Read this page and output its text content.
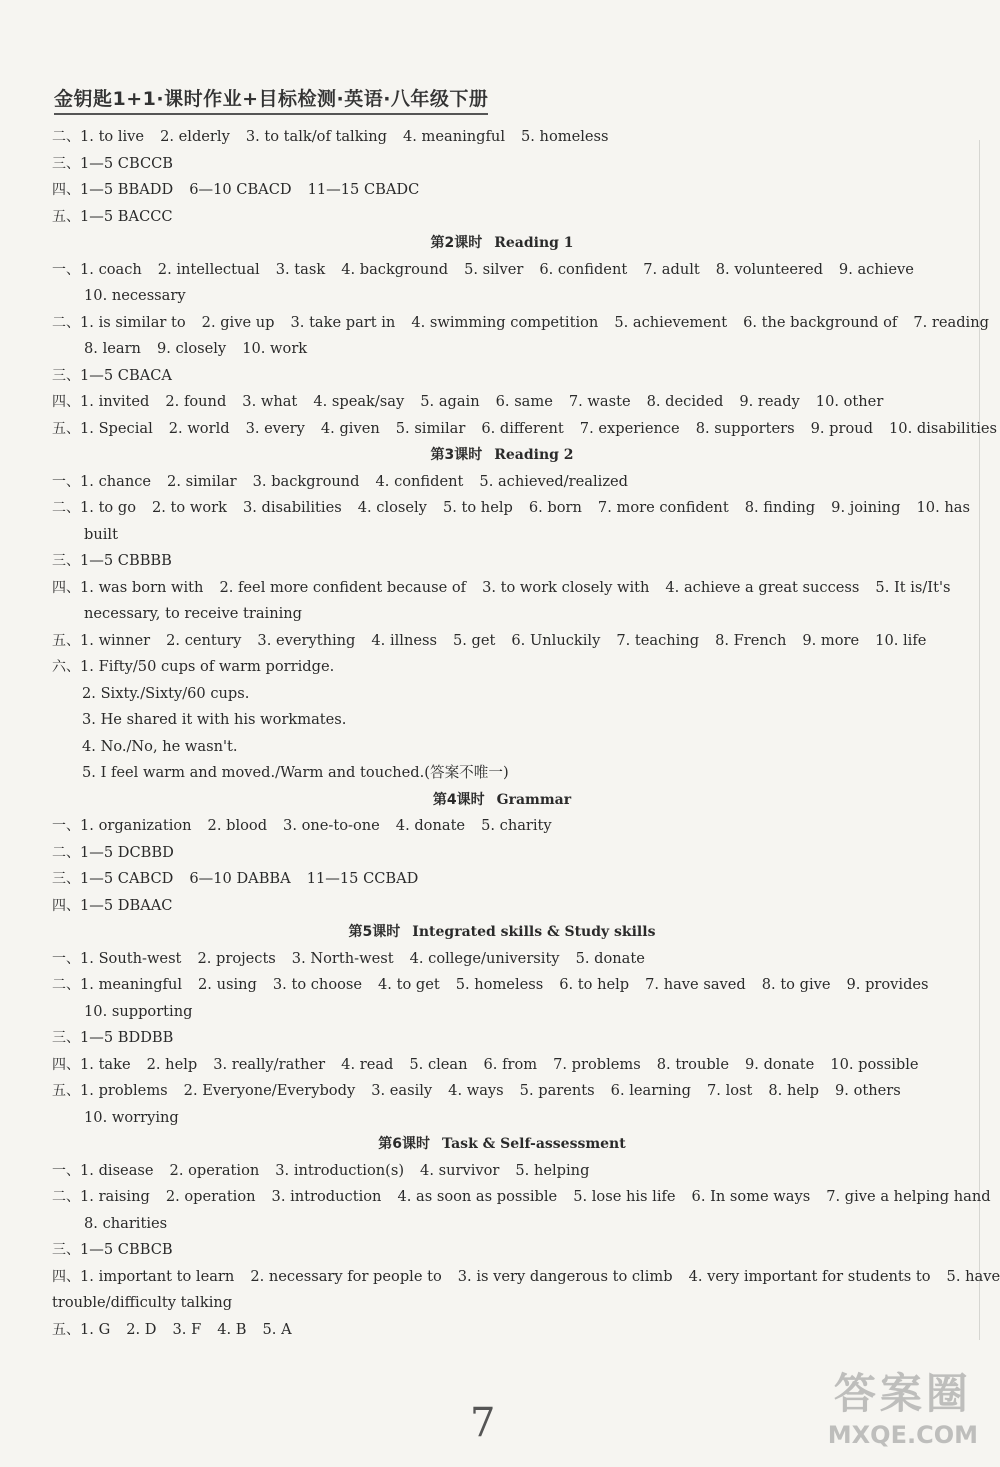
金钥匙1+1·课时作业+目标检测·英语·八年级下册
二、1. to live 2. elderly 3. to talk/of talking 4. meaningful 5. homeless
三、1—5 CBCCB
四、1—5 BBADD 6—10 CBACD 11—15 CBADC
五、1—5 BACCC
第2课时 Reading 1
一、1. coach 2. intellectual 3. task 4. background 5. silver 6. confident 7. adult 8. volunteered 9. achieve
10. necessary
二、1. is similar to 2. give up 3. take part in 4. swimming competition 5. achievement 6. the background of 7. reading
8. learn 9. closely 10. work
三、1—5 CBACA
四、1. invited 2. found 3. what 4. speak/say 5. again 6. same 7. waste 8. decided 9. ready 10. other
五、1. Special 2. world 3. every 4. given 5. similar 6. different 7. experience 8. supporters 9. proud 10. disabilities
第3课时 Reading 2
一、1. chance 2. similar 3. background 4. confident 5. achieved/realized
二、1. to go 2. to work 3. disabilities 4. closely 5. to help 6. born 7. more confident 8. finding 9. joining 10. has
built
三、1—5 CBBBB
四、1. was born with 2. feel more confident because of 3. to work closely with 4. achieve a great success 5. It is/It's
necessary, to receive training
五、1. winner 2. century 3. everything 4. illness 5. get 6. Unluckily 7. teaching 8. French 9. more 10. life
六、1. Fifty/50 cups of warm porridge.
2. Sixty./Sixty/60 cups.
3. He shared it with his workmates.
4. No./No, he wasn't.
5. I feel warm and moved./Warm and touched.(答案不唯一)
第4课时 Grammar
一、1. organization 2. blood 3. one-to-one 4. donate 5. charity
二、1—5 DCBBD
三、1—5 CABCD 6—10 DABBA 11—15 CCBAD
四、1—5 DBAAC
第5课时 Integrated skills & Study skills
一、1. South-west 2. projects 3. North-west 4. college/university 5. donate
二、1. meaningful 2. using 3. to choose 4. to get 5. homeless 6. to help 7. have saved 8. to give 9. provides
10. supporting
三、1—5 BDDBB
四、1. take 2. help 3. really/rather 4. read 5. clean 6. from 7. problems 8. trouble 9. donate 10. possible
五、1. problems 2. Everyone/Everybody 3. easily 4. ways 5. parents 6. learning 7. lost 8. help 9. others
10. worrying
第6课时 Task & Self-assessment
一、1. disease 2. operation 3. introduction(s) 4. survivor 5. helping
二、1. raising 2. operation 3. introduction 4. as soon as possible 5. lose his life 6. In some ways 7. give a helping hand
8. charities
三、1—5 CBBCB
四、1. important to learn 2. necessary for people to 3. is very dangerous to climb 4. very important for students to 5. have
trouble/difficulty talking
五、1. G 2. D 3. F 4. B 5. A
7
答案圈
MXQE.COM
